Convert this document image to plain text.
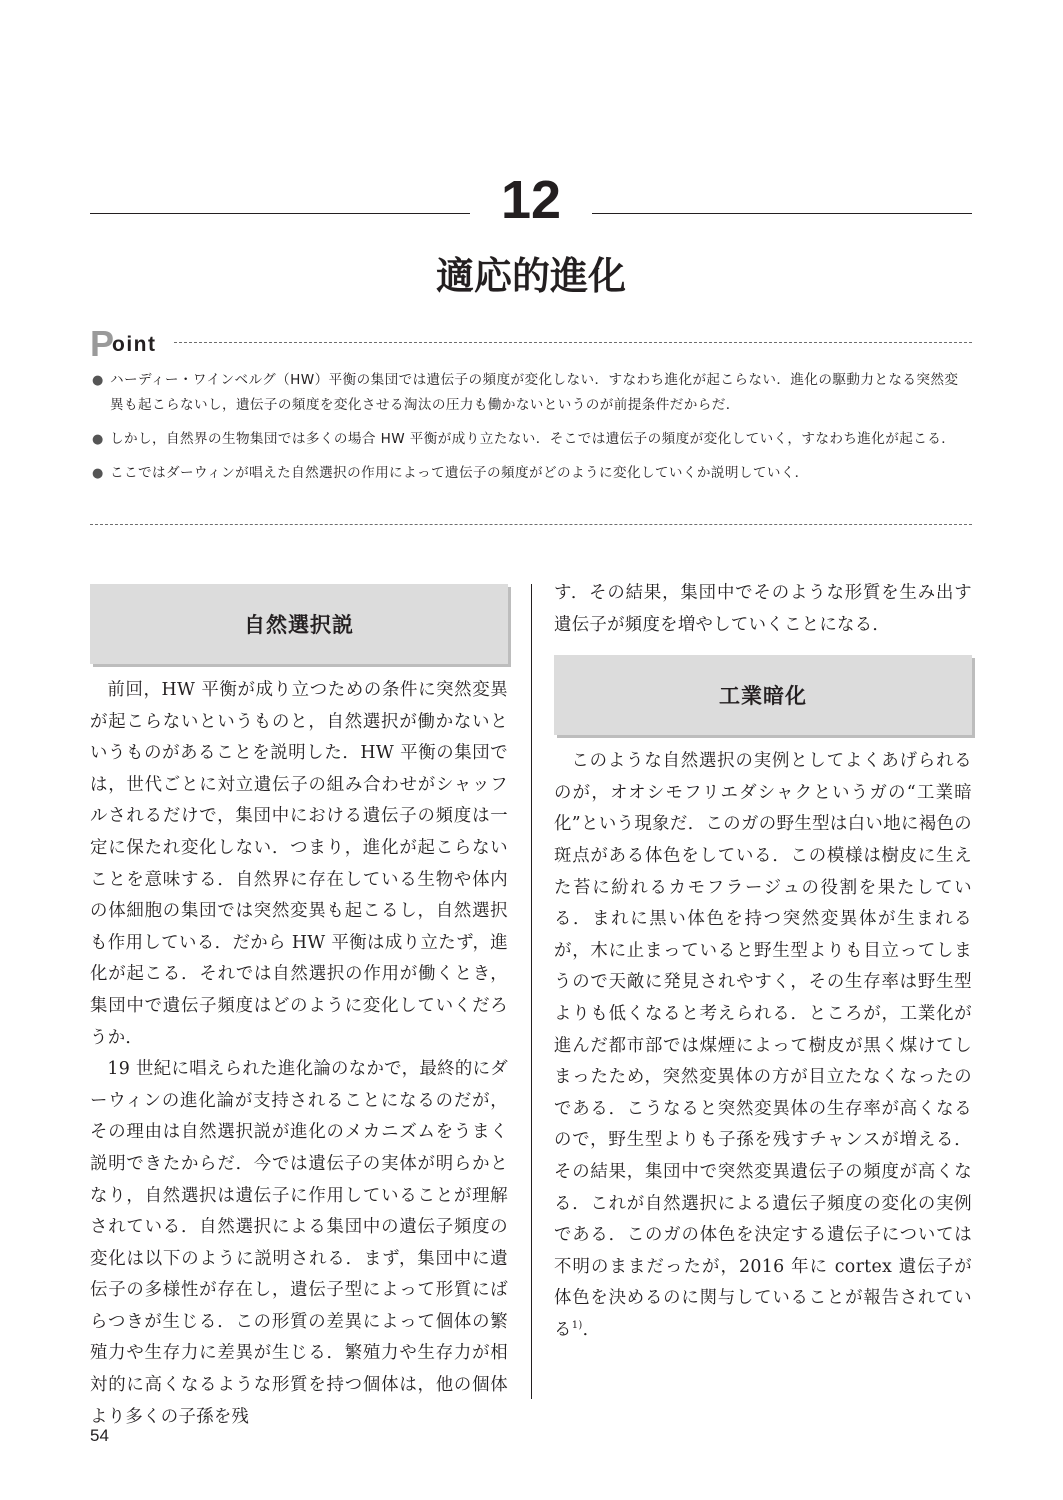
12
適応的進化
P
oint
● ハーディー・ワインベルグ（HW）平衡の集団では遺伝子の頻度が変化しない．すなわち進化が起こらない．進化の駆動力となる突然変異も起こらないし，遺伝子の頻度を変化させる淘汰の圧力も働かないというのが前提条件だからだ．
● しかし，自然界の生物集団では多くの場合 HW 平衡が成り立たない．そこでは遺伝子の頻度が変化していく，すなわち進化が起こる．
● ここではダーウィンが唱えた自然選択の作用によって遺伝子の頻度がどのように変化していくか説明していく．
自然選択説

前回，HW 平衡が成り立つための条件に突然変異が起こらないというものと，自然選択が働かないというものがあることを説明した．HW 平衡の集団では，世代ごとに対立遺伝子の組み合わせがシャッフルされるだけで，集団中における遺伝子の頻度は一定に保たれ変化しない．つまり，進化が起こらないことを意味する．自然界に存在している生物や体内の体細胞の集団では突然変異も起こるし，自然選択も作用している．だから HW 平衡は成り立たず，進化が起こる．それでは自然選択の作用が働くとき，集団中で遺伝子頻度はどのように変化していくだろうか．

19 世紀に唱えられた進化論のなかで，最終的にダーウィンの進化論が支持されることになるのだが，その理由は自然選択説が進化のメカニズムをうまく説明できたからだ．今では遺伝子の実体が明らかとなり，自然選択は遺伝子に作用していることが理解されている．自然選択による集団中の遺伝子頻度の変化は以下のように説明される．まず，集団中に遺伝子の多様性が存在し，遺伝子型によって形質にばらつきが生じる．この形質の差異によって個体の繁殖力や生存力に差異が生じる．繁殖力や生存力が相対的に高くなるような形質を持つ個体は，他の個体より多くの子孫を残

す．その結果，集団中でそのような形質を生み出す遺伝子が頻度を増やしていくことになる．

工業暗化

このような自然選択の実例としてよくあげられるのが，オオシモフリエダシャクというガの“工業暗化”という現象だ．このガの野生型は白い地に褐色の斑点がある体色をしている．この模様は樹皮に生えた苔に紛れるカモフラージュの役割を果たしている．まれに黒い体色を持つ突然変異体が生まれるが，木に止まっていると野生型よりも目立ってしまうので天敵に発見されやすく，その生存率は野生型よりも低くなると考えられる．ところが，工業化が進んだ都市部では煤煙によって樹皮が黒く煤けてしまったため，突然変異体の方が目立たなくなったのである．こうなると突然変異体の生存率が高くなるので，野生型よりも子孫を残すチャンスが増える．その結果，集団中で突然変異遺伝子の頻度が高くなる．これが自然選択による遺伝子頻度の変化の実例である．このガの体色を決定する遺伝子については不明のままだったが，2016 年に cortex 遺伝子が体色を決めるのに関与していることが報告されている$^{1)}$．

54
